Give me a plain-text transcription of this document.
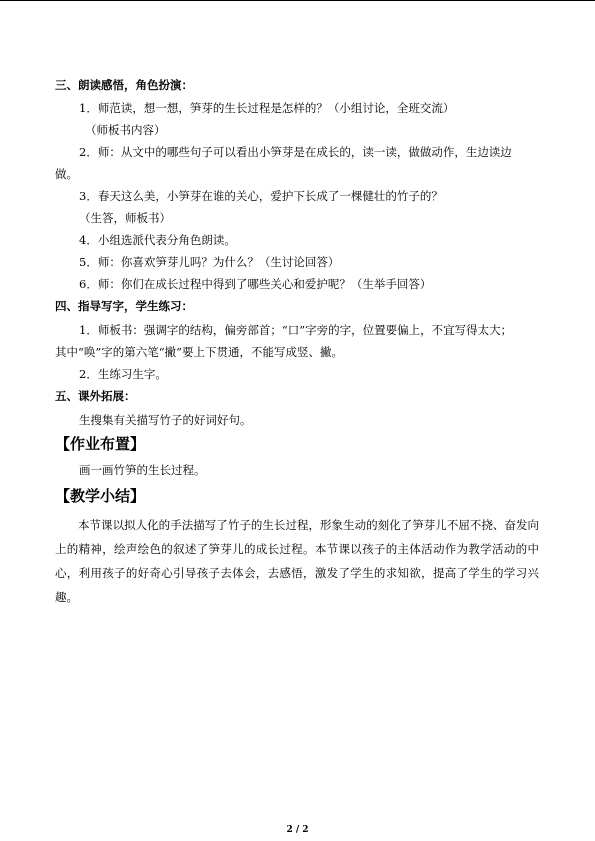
三、朗读感悟，角色扮演：

1．师范读，想一想，笋芽的生长过程是怎样的？（小组讨论，全班交流）

（师板书内容）

2．师：从文中的哪些句子可以看出小笋芽是在成长的，读一读，做做动作，生边读边

做。

3．春天这么美，小笋芽在谁的关心，爱护下长成了一棵健壮的竹子的？

（生答，师板书）

4．小组选派代表分角色朗读。

5．师：你喜欢笋芽儿吗？为什么？（生讨论回答）

6．师：你们在成长过程中得到了哪些关心和爱护呢？（生举手回答）

四、指导写字，学生练习：

1．师板书：强调字的结构，偏旁部首；“口”字旁的字，位置要偏上，不宜写得太大；

其中“唤”字的第六笔“撇”要上下贯通，不能写成竖、撇。

2．生练习生字。

五、课外拓展：

生搜集有关描写竹子的好词好句。

【作业布置】

画一画竹笋的生长过程。

【教学小结】

本节课以拟人化的手法描写了竹子的生长过程，形象生动的刻化了笋芽儿不屈不挠、奋发向上的精神，绘声绘色的叙述了笋芽儿的成长过程。本节课以孩子的主体活动作为教学活动的中心，利用孩子的好奇心引导孩子去体会，去感悟，激发了学生的求知欲，提高了学生的学习兴趣。

2 / 2
